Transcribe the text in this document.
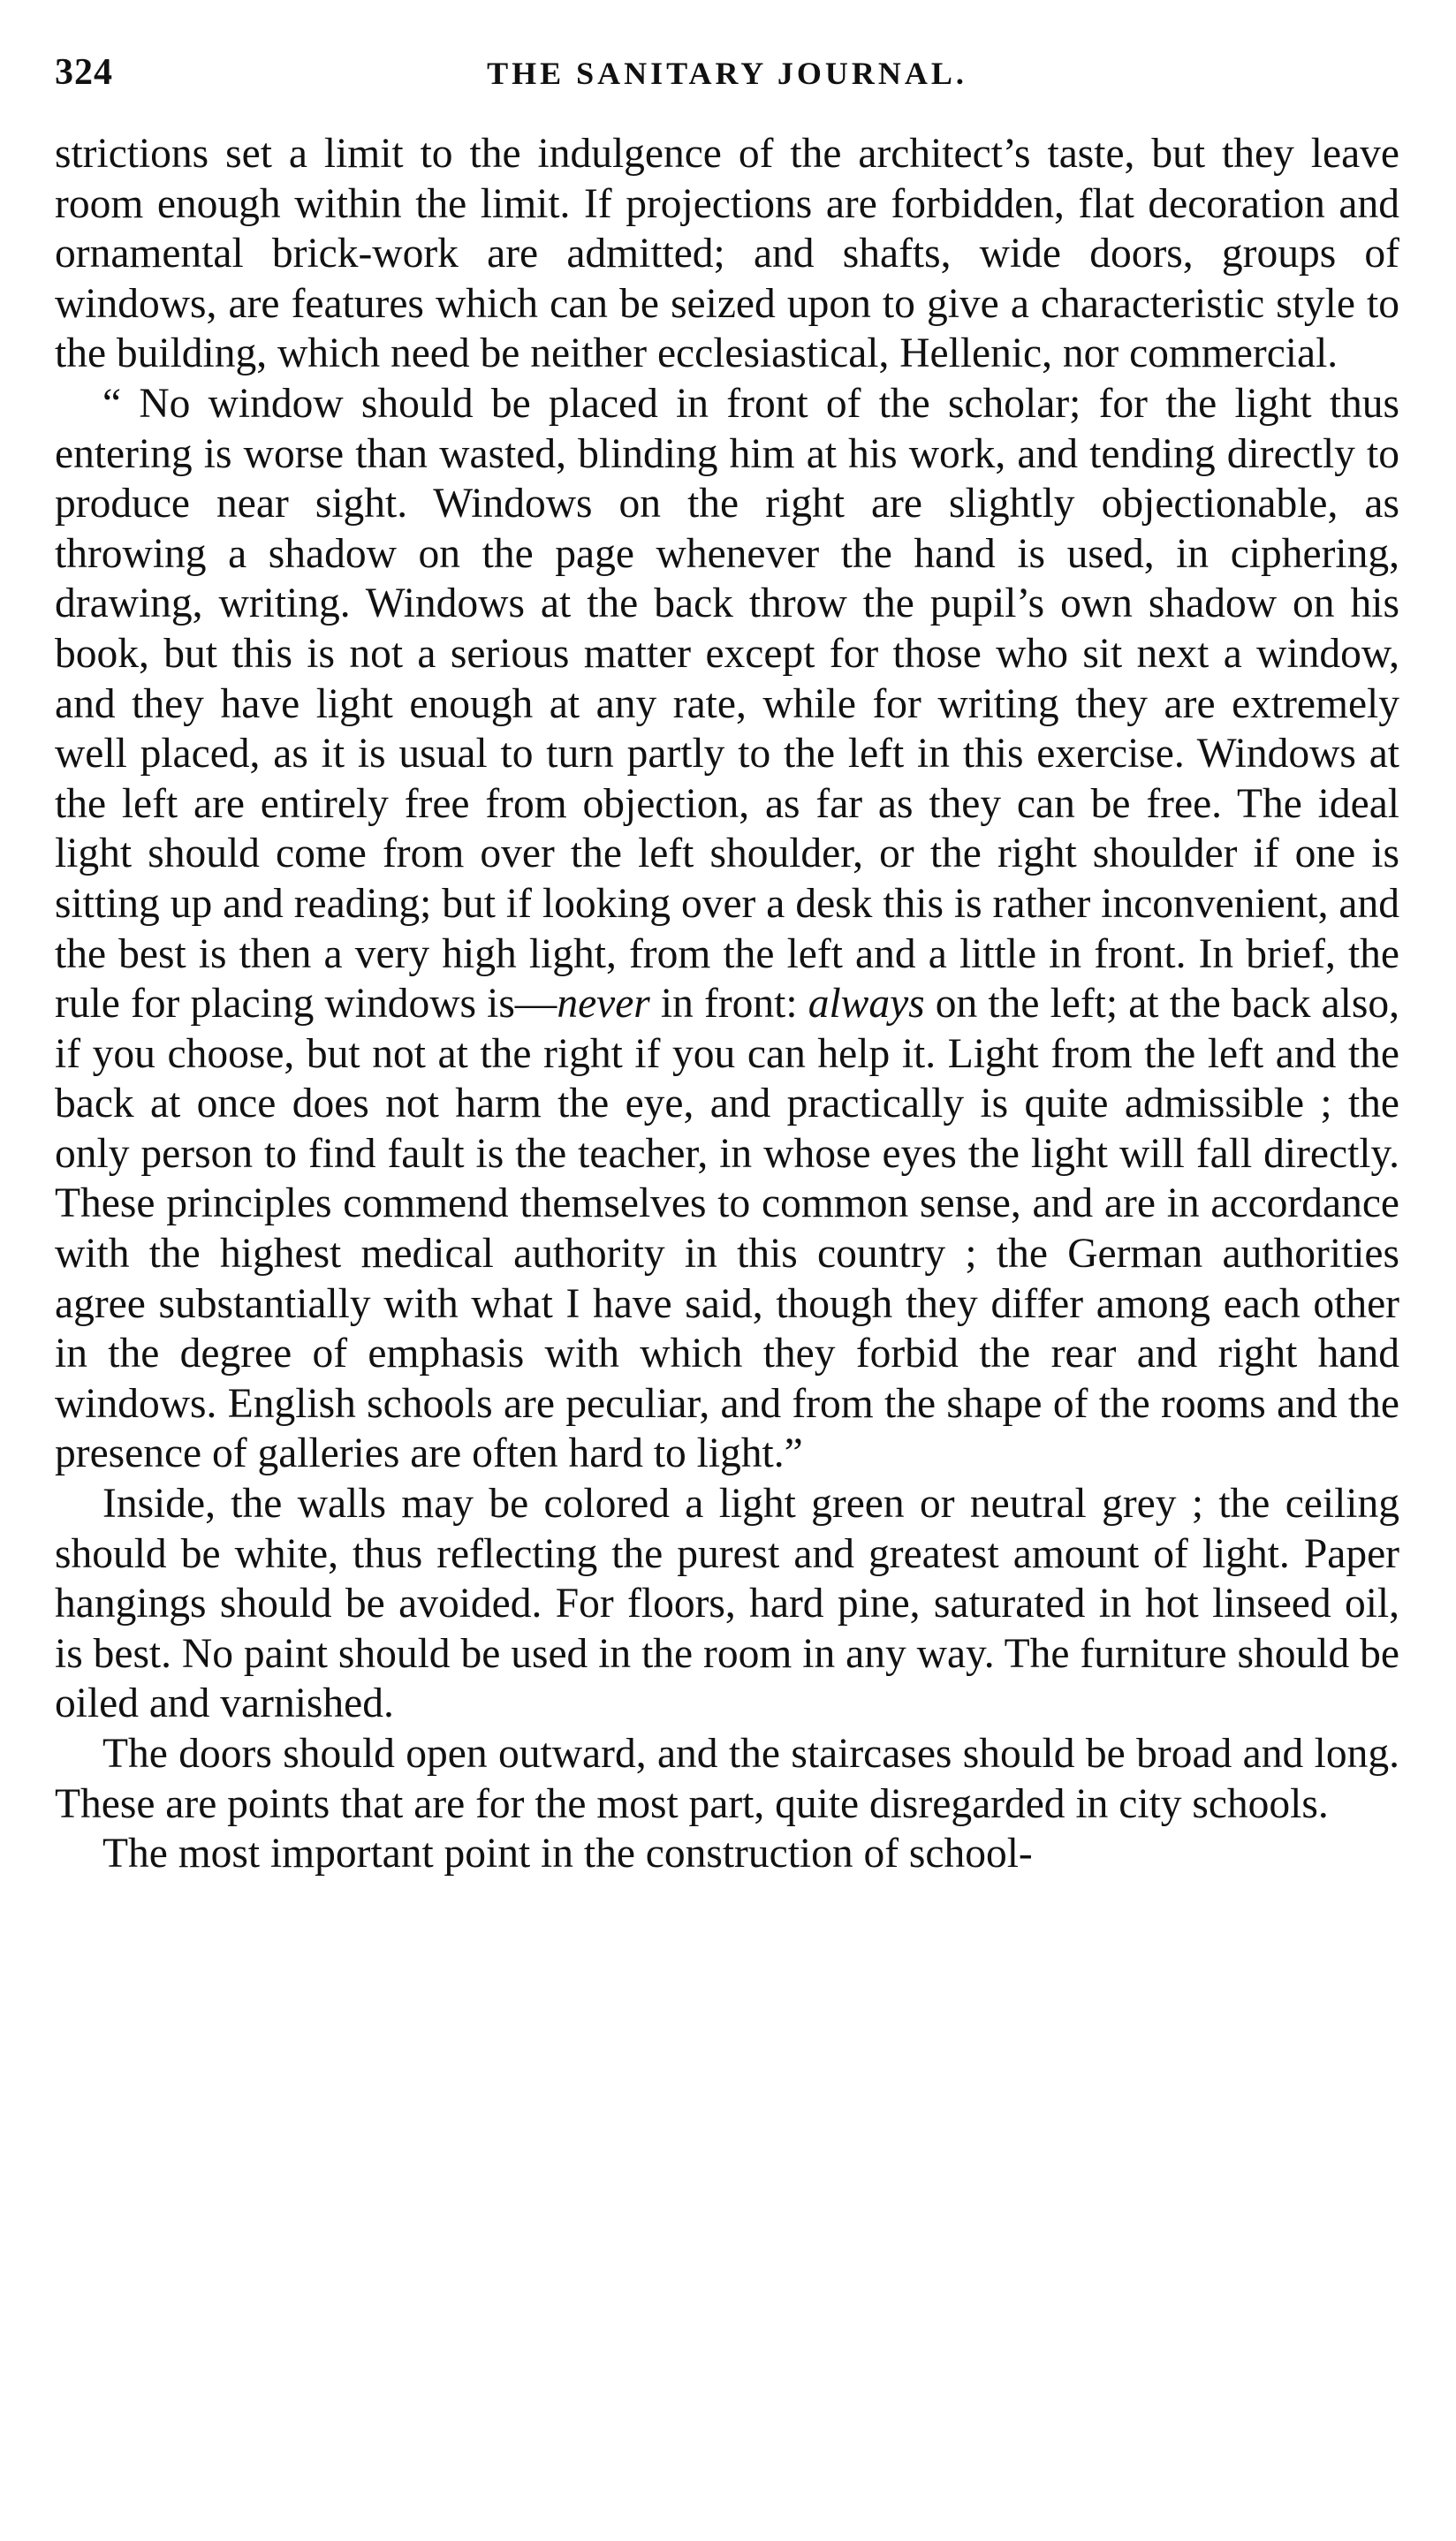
324	THE SANITARY JOURNAL.

strictions set a limit to the indulgence of the architect’s taste, but they leave room enough within the limit. If projections are forbidden, flat decoration and ornamental brick-work are admitted; and shafts, wide doors, groups of windows, are features which can be seized upon to give a characteristic style to the building, which need be neither ecclesiastical, Hellenic, nor commercial.

“ No window should be placed in front of the scholar; for the light thus entering is worse than wasted, blinding him at his work, and tending directly to produce near sight. Windows on the right are slightly objectionable, as throwing a shadow on the page whenever the hand is used, in ciphering, drawing, writing. Windows at the back throw the pupil’s own shadow on his book, but this is not a serious matter except for those who sit next a window, and they have light enough at any rate, while for writing they are extremely well placed, as it is usual to turn partly to the left in this exercise. Windows at the left are entirely free from objection, as far as they can be free. The ideal light should come from over the left shoulder, or the right shoulder if one is sitting up and reading; but if looking over a desk this is rather inconvenient, and the best is then a very high light, from the left and a little in front. In brief, the rule for placing windows is—never in front: always on the left; at the back also, if you choose, but not at the right if you can help it. Light from the left and the back at once does not harm the eye, and practically is quite admissible ; the only person to find fault is the teacher, in whose eyes the light will fall directly. These principles commend themselves to common sense, and are in accordance with the highest medical authority in this country ; the German authorities agree substantially with what I have said, though they differ among each other in the degree of emphasis with which they forbid the rear and right hand windows. English schools are peculiar, and from the shape of the rooms and the presence of galleries are often hard to light.”

Inside, the walls may be colored a light green or neutral grey ; the ceiling should be white, thus reflecting the purest and greatest amount of light. Paper hangings should be avoided. For floors, hard pine, saturated in hot linseed oil, is best. No paint should be used in the room in any way. The furniture should be oiled and varnished.

The doors should open outward, and the staircases should be broad and long. These are points that are for the most part, quite disregarded in city schools.

The most important point in the construction of school-
